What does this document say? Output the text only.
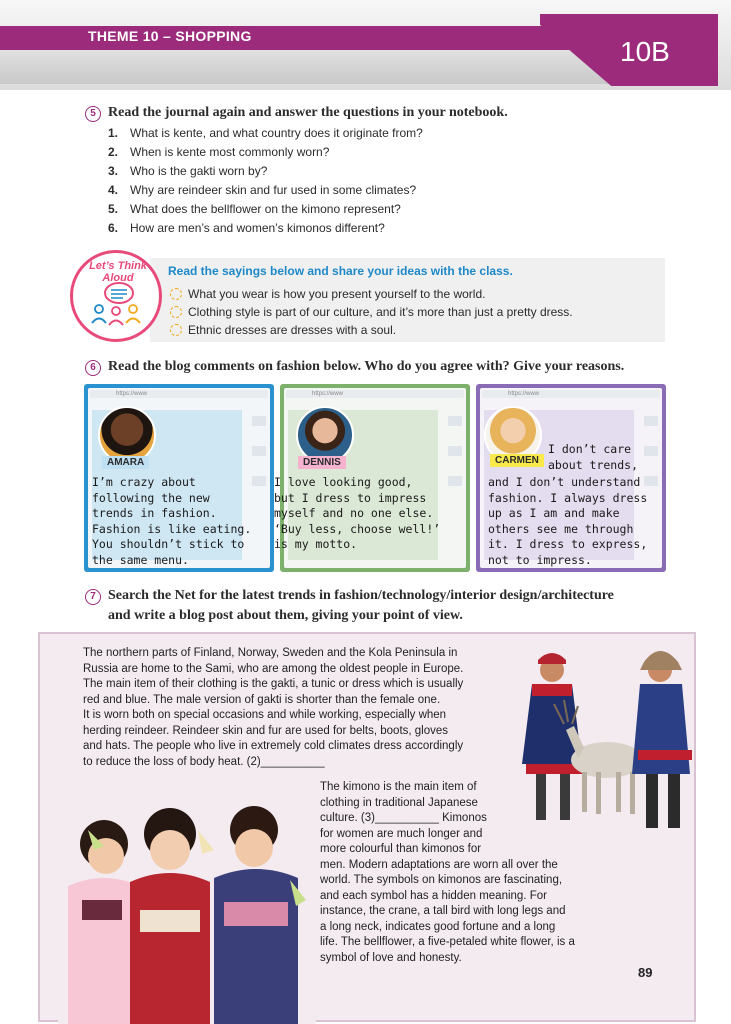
THEME 10 – SHOPPING	10B
5 Read the journal again and answer the questions in your notebook.
1. What is kente, and what country does it originate from?
2. When is kente most commonly worn?
3. Who is the gakti worn by?
4. Why are reindeer skin and fur used in some climates?
5. What does the bellflower on the kimono represent?
6. How are men’s and women’s kimonos different?
Let’s Think Aloud	Read the sayings below and share your ideas with the class.
What you wear is how you present yourself to the world.
Clothing style is part of our culture, and it’s more than just a pretty dress.
Ethnic dresses are dresses with a soul.
6 Read the blog comments on fashion below. Who do you agree with? Give your reasons.
https://www
AMARA
I’m crazy about
following the new
trends in fashion.
Fashion is like eating.
You shouldn’t stick to
the same menu.
https://www
DENNIS
I love looking good,
but I dress to impress
myself and no one else.
‘Buy less, choose well!’
is my motto.
https://www
CARMEN
I don’t care
about trends,
and I don’t understand
fashion. I always dress
up as I am and make
others see me through
it. I dress to express,
not to impress.
7 Search the Net for the latest trends in fashion/technology/interior design/architecture
and write a blog post about them, giving your point of view.
The northern parts of Finland, Norway, Sweden and the Kola Peninsula in
Russia are home to the Sami, who are among the oldest people in Europe.
The main item of their clothing is the gakti, a tunic or dress which is usually
red and blue. The male version of gakti is shorter than the female one.
It is worn both on special occasions and while working, especially when
herding reindeer. Reindeer skin and fur are used for belts, boots, gloves
and hats. The people who live in extremely cold climates dress accordingly
to reduce the loss of body heat. (2)__________
The kimono is the main item of
clothing in traditional Japanese
culture. (3)__________ Kimonos
for women are much longer and
more colourful than kimonos for
men. Modern adaptations are worn all over the
world. The symbols on kimonos are fascinating,
and each symbol has a hidden meaning. For
instance, the crane, a tall bird with long legs and
a long neck, indicates good fortune and a long
life. The bellflower, a five-petaled white flower, is a
symbol of love and honesty.
89
